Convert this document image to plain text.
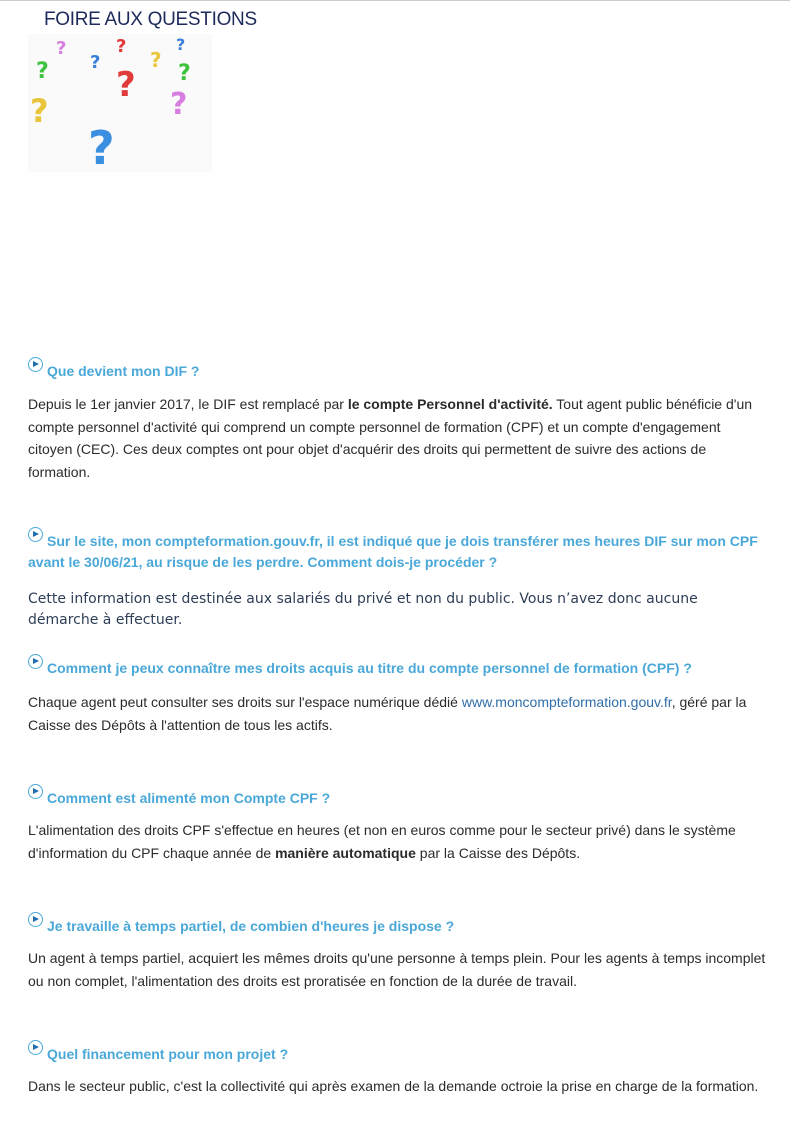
FOIRE AUX QUESTIONS
?	?	?
? ?
?	?
?
?	?
?
Que devient mon DIF ?
Depuis le 1er janvier 2017, le DIF est remplacé par le compte Personnel d'activité. Tout agent public bénéficie d'un compte personnel d'activité qui comprend un compte personnel de formation (CPF) et un compte d'engagement citoyen (CEC). Ces deux comptes ont pour objet d'acquérir des droits qui permettent de suivre des actions de formation.
Sur le site, mon compteformation.gouv.fr, il est indiqué que je dois transférer mes heures DIF sur mon CPF avant le 30/06/21, au risque de les perdre. Comment dois-je procéder ?
Cette information est destinée aux salariés du privé et non du public. Vous n’avez donc aucune démarche à effectuer.
Comment je peux connaître mes droits acquis au titre du compte personnel de formation (CPF) ?
Chaque agent peut consulter ses droits sur l'espace numérique dédié www.moncompteformation.gouv.fr, géré par la Caisse des Dépôts à l'attention de tous les actifs.
Comment est alimenté mon Compte CPF ?
L'alimentation des droits CPF s'effectue en heures (et non en euros comme pour le secteur privé) dans le système d'information du CPF chaque année de manière automatique par la Caisse des Dépôts.
Je travaille à temps partiel, de combien d'heures je dispose ?
Un agent à temps partiel, acquiert les mêmes droits qu'une personne à temps plein. Pour les agents à temps incomplet ou non complet, l'alimentation des droits est proratisée en fonction de la durée de travail.
Quel financement pour mon projet ?
Dans le secteur public, c'est la collectivité qui après examen de la demande octroie la prise en charge de la formation.
